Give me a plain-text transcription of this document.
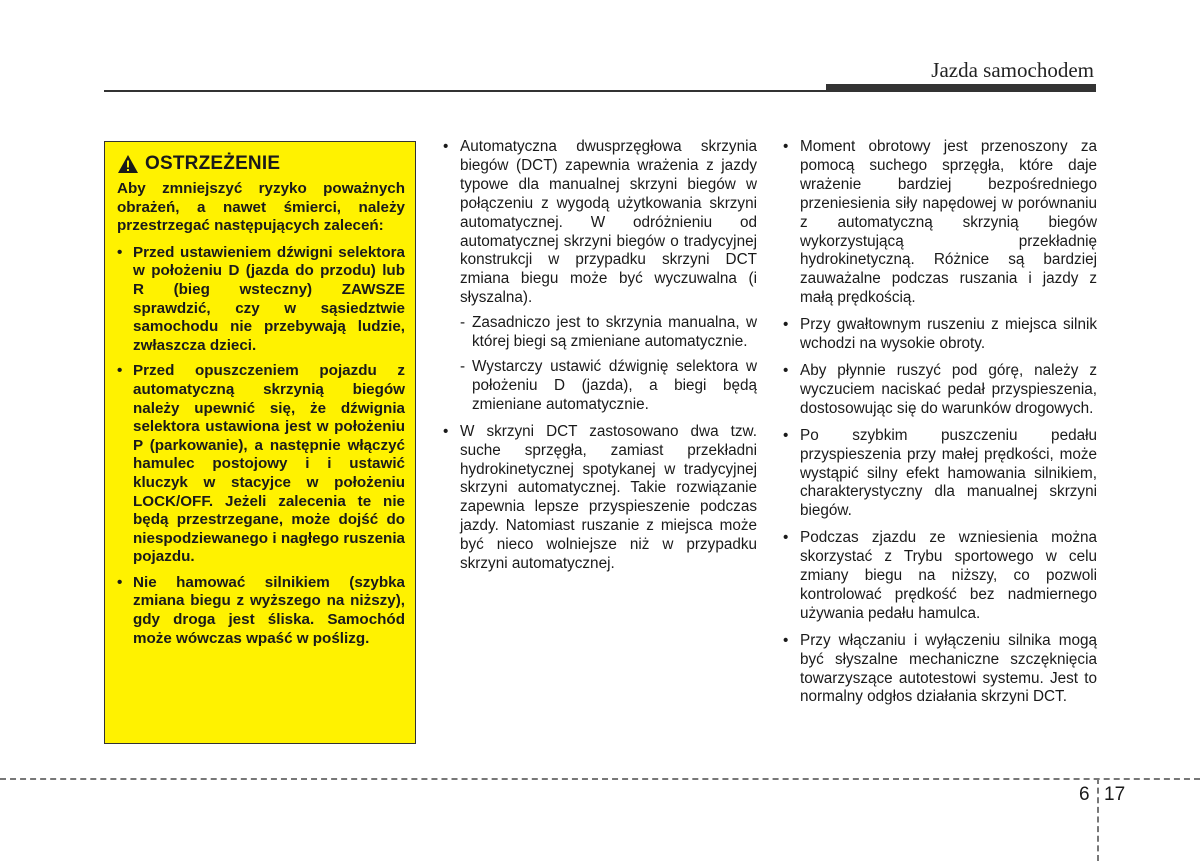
Jazda samochodem
OSTRZEŻENIE

Aby zmniejszyć ryzyko poważnych obrażeń, a nawet śmierci, należy przestrzegać następujących zaleceń:

• Przed ustawieniem dźwigni selektora w położeniu D (jazda do przodu) lub R (bieg wsteczny) ZAWSZE sprawdzić, czy w sąsiedztwie samochodu nie przebywają ludzie, zwłaszcza dzieci.
• Przed opuszczeniem pojazdu z automatyczną skrzynią biegów należy upewnić się, że dźwignia selektora ustawiona jest w położeniu P (parkowanie), a następnie włączyć hamulec postojowy i i ustawić kluczyk w stacyjce w położeniu LOCK/OFF. Jeżeli zalecenia te nie będą przestrzegane, może dojść do niespodziewanego i nagłego ruszenia pojazdu.
• Nie hamować silnikiem (szybka zmiana biegu z wyższego na niższy), gdy droga jest śliska. Samochód może wówczas wpaść w poślizg.
• Automatyczna dwusprzęgłowa skrzynia biegów (DCT) zapewnia wrażenia z jazdy typowe dla manualnej skrzyni biegów w połączeniu z wygodą użytkowania skrzyni automatycznej. W odróżnieniu od automatycznej skrzyni biegów o tradycyjnej konstrukcji w przypadku skrzyni DCT zmiana biegu może być wyczuwalna (i słyszalna).
- Zasadniczo jest to skrzynia manualna, w której biegi są zmieniane automatycznie.
- Wystarczy ustawić dźwignię selektora w położeniu D (jazda), a biegi będą zmieniane automatycznie.
• W skrzyni DCT zastosowano dwa tzw. suche sprzęgła, zamiast przekładni hydrokinetycznej spotykanej w tradycyjnej skrzyni automatycznej. Takie rozwiązanie zapewnia lepsze przyspieszenie podczas jazdy. Natomiast ruszanie z miejsca może być nieco wolniejsze niż w przypadku skrzyni automatycznej.
• Moment obrotowy jest przenoszony za pomocą suchego sprzęgła, które daje wrażenie bardziej bezpośredniego przeniesienia siły napędowej w porównaniu z automatyczną skrzynią biegów wykorzystującą przekładnię hydrokinetyczną. Różnice są bardziej zauważalne podczas ruszania i jazdy z małą prędkością.
• Przy gwałtownym ruszeniu z miejsca silnik wchodzi na wysokie obroty.
• Aby płynnie ruszyć pod górę, należy z wyczuciem naciskać pedał przyspieszenia, dostosowując się do warunków drogowych.
• Po szybkim puszczeniu pedału przyspieszenia przy małej prędkości, może wystąpić silny efekt hamowania silnikiem, charakterystyczny dla manualnej skrzyni biegów.
• Podczas zjazdu ze wzniesienia można skorzystać z Trybu sportowego w celu zmiany biegu na niższy, co pozwoli kontrolować prędkość bez nadmiernego używania pedału hamulca.
• Przy włączaniu i wyłączeniu silnika mogą być słyszalne mechaniczne szczęknięcia towarzyszące autotestowi systemu. Jest to normalny odgłos działania skrzyni DCT.
6 17
